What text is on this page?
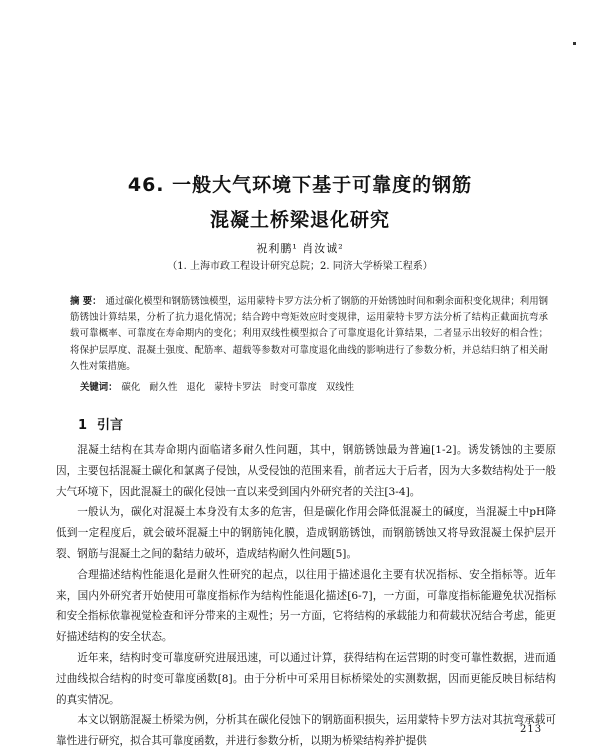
46. 一般大气环境下基于可靠度的钢筋
混凝土桥梁退化研究
祝利鹏¹ 肖汝诚²
（1. 上海市政工程设计研究总院；2. 同济大学桥梁工程系）

摘 要： 通过碳化模型和钢筋锈蚀模型，运用蒙特卡罗方法分析了钢筋的开始锈蚀时间和剩余面积变化规律；利用钢筋锈蚀计算结果，分析了抗力退化情况；结合跨中弯矩效应时变规律，运用蒙特卡罗方法分析了结构正截面抗弯承载可靠概率、可靠度在寿命期内的变化；利用双线性模型拟合了可靠度退化计算结果，二者显示出较好的相合性；将保护层厚度、混凝土强度、配筋率、超载等参数对可靠度退化曲线的影响进行了参数分析，并总结归纳了相关耐久性对策措施。

关键词： 碳化 耐久性 退化 蒙特卡罗法 时变可靠度 双线性

1 引言

混凝土结构在其寿命期内面临诸多耐久性问题，其中，钢筋锈蚀最为普遍[1-2]。诱发锈蚀的主要原因，主要包括混凝土碳化和氯离子侵蚀，从受侵蚀的范围来看，前者远大于后者，因为大多数结构处于一般大气环境下，因此混凝土的碳化侵蚀一直以来受到国内外研究者的关注[3-4]。

一般认为，碳化对混凝土本身没有太多的危害，但是碳化作用会降低混凝土的碱度，当混凝土中pH降低到一定程度后，就会破坏混凝土中的钢筋钝化膜，造成钢筋锈蚀，而钢筋锈蚀又将导致混凝土保护层开裂、钢筋与混凝土之间的黏结力破坏，造成结构耐久性问题[5]。

合理描述结构性能退化是耐久性研究的起点，以往用于描述退化主要有状况指标、安全指标等。近年来，国内外研究者开始使用可靠度指标作为结构性能退化描述[6-7]，一方面，可靠度指标能避免状况指标和安全指标依靠视觉检查和评分带来的主观性；另一方面，它将结构的承载能力和荷载状况结合考虑，能更好描述结构的安全状态。

近年来，结构时变可靠度研究进展迅速，可以通过计算，获得结构在运营期的时变可靠性数据，进而通过曲线拟合结构的时变可靠度函数[8]。由于分析中可采用目标桥梁处的实测数据，因而更能反映目标结构的真实情况。

本文以钢筋混凝土桥梁为例，分析其在碳化侵蚀下的钢筋面积损失，运用蒙特卡罗方法对其抗弯承载可靠性进行研究，拟合其可靠度函数，并进行参数分析，以期为桥梁结构养护提供

213
